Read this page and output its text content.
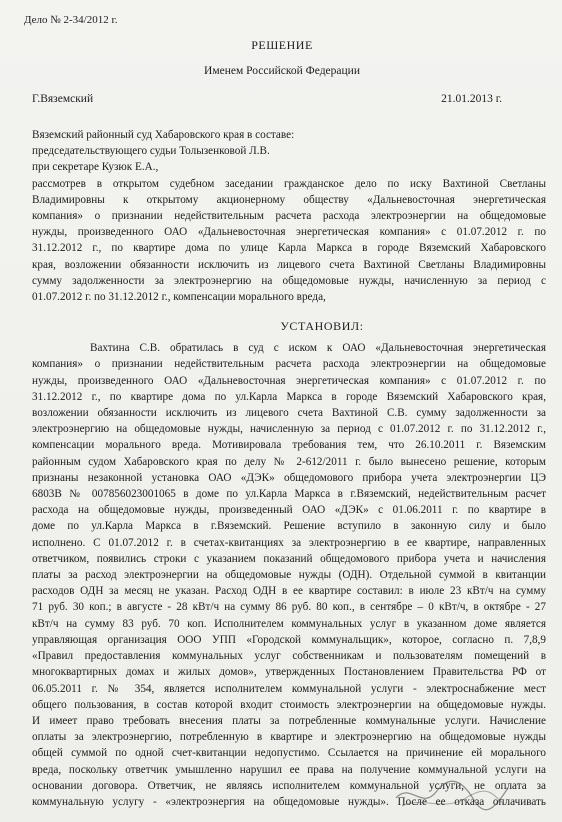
Дело № 2-34/2012 г.
РЕШЕНИЕ
Именем Российской Федерации
Г.Вяземский	21.01.2013 г.
Вяземский районный суд Хабаровского края в составе:
председательствующего судьи Толызенковой Л.В.
при секретаре Кузюк Е.А.,
рассмотрев в открытом судебном заседании гражданское дело по иску Вахтиной Светланы
Владимировны к открытому акционерному обществу «Дальневосточная энергетическая
компания» о признании недействительным расчета расхода электроэнергии на общедомовые
нужды, произведенного ОАО «Дальневосточная энергетическая компания» с 01.07.2012 г. по
31.12.2012 г., по квартире дома по улице Карла Маркса в городе Вяземский Хабаровского
края, возложении обязанности исключить из лицевого счета Вахтиной Светланы Владимировны
сумму задолженности за электроэнергию на общедомовые нужды, начисленную за период с
01.07.2012 г. по 31.12.2012 г., компенсации морального вреда,
УСТАНОВИЛ:
Вахтина С.В. обратилась в суд с иском к ОАО «Дальневосточная энергетическая
компания» о признании недействительным расчета расхода электроэнергии на общедомовые
нужды, произведенного ОАО «Дальневосточная энергетическая компания» с 01.07.2012 г. по
31.12.2012 г., по квартире дома по ул.Карла Маркса в городе Вяземский Хабаровского края,
возложении обязанности исключить из лицевого счета Вахтиной С.В. сумму задолженности за
электроэнергию на общедомовые нужды, начисленную за период с 01.07.2012 г. по 31.12.2012 г.,
компенсации морального вреда. Мотивировала требования тем, что 26.10.2011 г. Вяземским
районным судом Хабаровского края по делу № 2-612/2011 г. было вынесено решение, которым
признаны незаконной установка ОАО «ДЭК» общедомового прибора учета электроэнергии ЦЭ
6803В № 007856023001065 в доме по ул.Карла Маркса в г.Вяземский, недействительным расчет
расхода на общедомовые нужды, произведенный ОАО «ДЭК» с 01.06.2011 г. по квартире в
доме по ул.Карла Маркса в г.Вяземский. Решение вступило в законную силу и было
исполнено. С 01.07.2012 г. в счетах-квитанциях за электроэнергию в ее квартире, направленных
ответчиком, появились строки с указанием показаний общедомового прибора учета и начисления
платы за расход электроэнергии на общедомовые нужды (ОДН). Отдельной суммой в квитанции
расходов ОДН за месяц не указан. Расход ОДН в ее квартире составил: в июле 23 кВт/ч на сумму
71 руб. 30 коп.; в августе - 28 кВт/ч на сумму 86 руб. 80 коп., в сентябре – 0 кВт/ч, в октябре - 27
кВт/ч на сумму 83 руб. 70 коп. Исполнителем коммунальных услуг в указанном доме является
управляющая организация ООО УПП «Городской коммунальщик», которое, согласно п. 7,8,9
«Правил предоставления коммунальных услуг собственникам и пользователям помещений в
многоквартирных домах и жилых домов», утвержденных Постановлением Правительства РФ от
06.05.2011 г. № 354, является исполнителем коммунальной услуги - электроснабжение мест
общего пользования, в состав которой входит стоимость электроэнергии на общедомовые нужды.
И имеет право требовать внесения платы за потребленные коммунальные услуги. Начисление
оплаты за электроэнергию, потребленную в квартире и электроэнергию на общедомовые нужды
общей суммой по одной счет-квитанции недопустимо. Ссылается на причинение ей морального
вреда, поскольку ответчик умышленно нарушил ее права на получение коммунальной услуги на
основании договора. Ответчик, не являясь исполнителем коммунальной услуги, не оплата за
коммунальную услугу - «электроэнергия на общедомовые нужды». После ее отказа оплачивать
